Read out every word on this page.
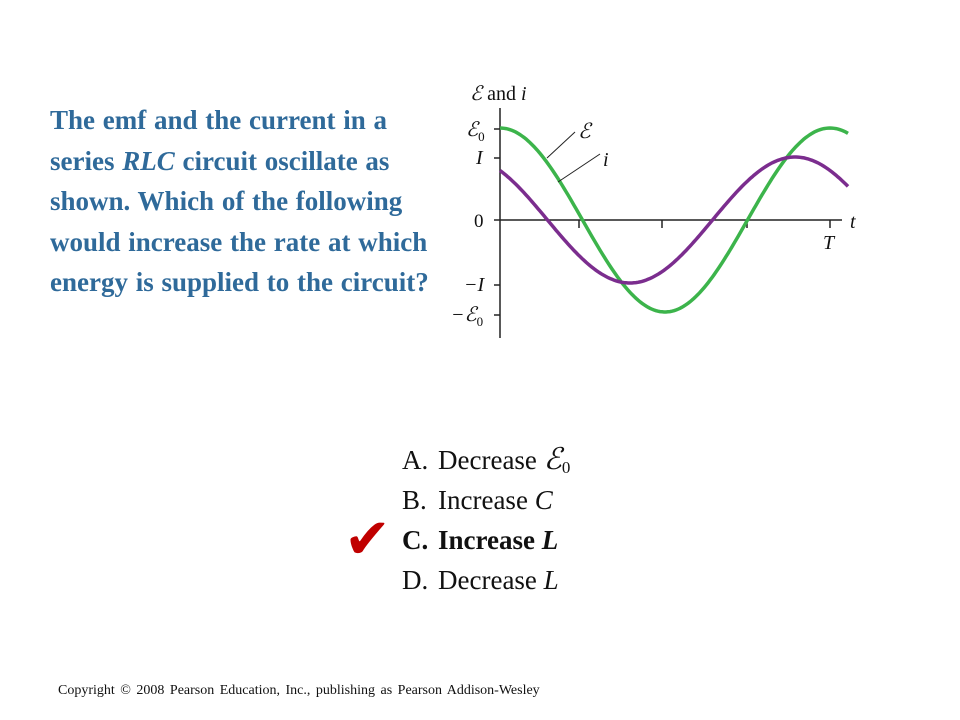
The emf and the current in a series RLC circuit oscillate as shown. Which of the following would increase the rate at which energy is supplied to the circuit?

ℰ and i
ℰ$_0$
I
0
−I
−ℰ$_0$
t
T
ℰ
i
A. Decrease ℰ$_0$
B. Increase C
C. Increase L
D. Decrease L
✔
Copyright © 2008 Pearson Education, Inc., publishing as Pearson Addison-Wesley
